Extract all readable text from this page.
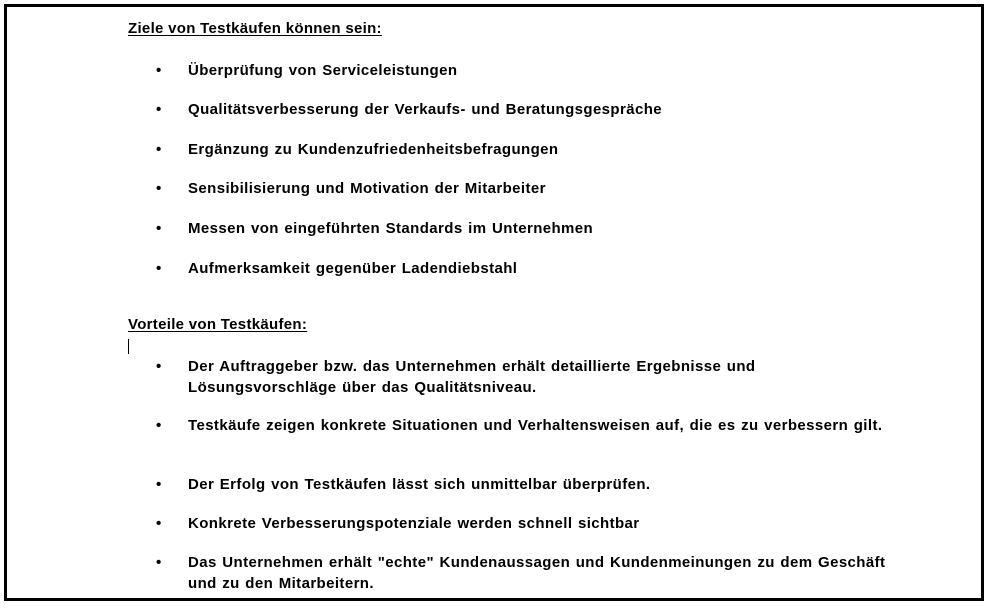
Ziele von Testkäufen können sein:
•	Überprüfung von Serviceleistungen
•	Qualitätsverbesserung der Verkaufs- und Beratungsgespräche
•	Ergänzung zu Kundenzufriedenheitsbefragungen
•	Sensibilisierung und Motivation der Mitarbeiter
•	Messen von eingeführten Standards im Unternehmen
•	Aufmerksamkeit gegenüber Ladendiebstahl
Vorteile von Testkäufen:
•	Der Auftraggeber bzw. das Unternehmen erhält detaillierte Ergebnisse und Lösungsvorschläge über das Qualitätsniveau.
•	Testkäufe zeigen konkrete Situationen und Verhaltensweisen auf, die es zu verbessern gilt.
•	Der Erfolg von Testkäufen lässt sich unmittelbar überprüfen.
•	Konkrete Verbesserungspotenziale werden schnell sichtbar
•	Das Unternehmen erhält "echte" Kundenaussagen und Kundenmeinungen zu dem Geschäft und zu den Mitarbeitern.
